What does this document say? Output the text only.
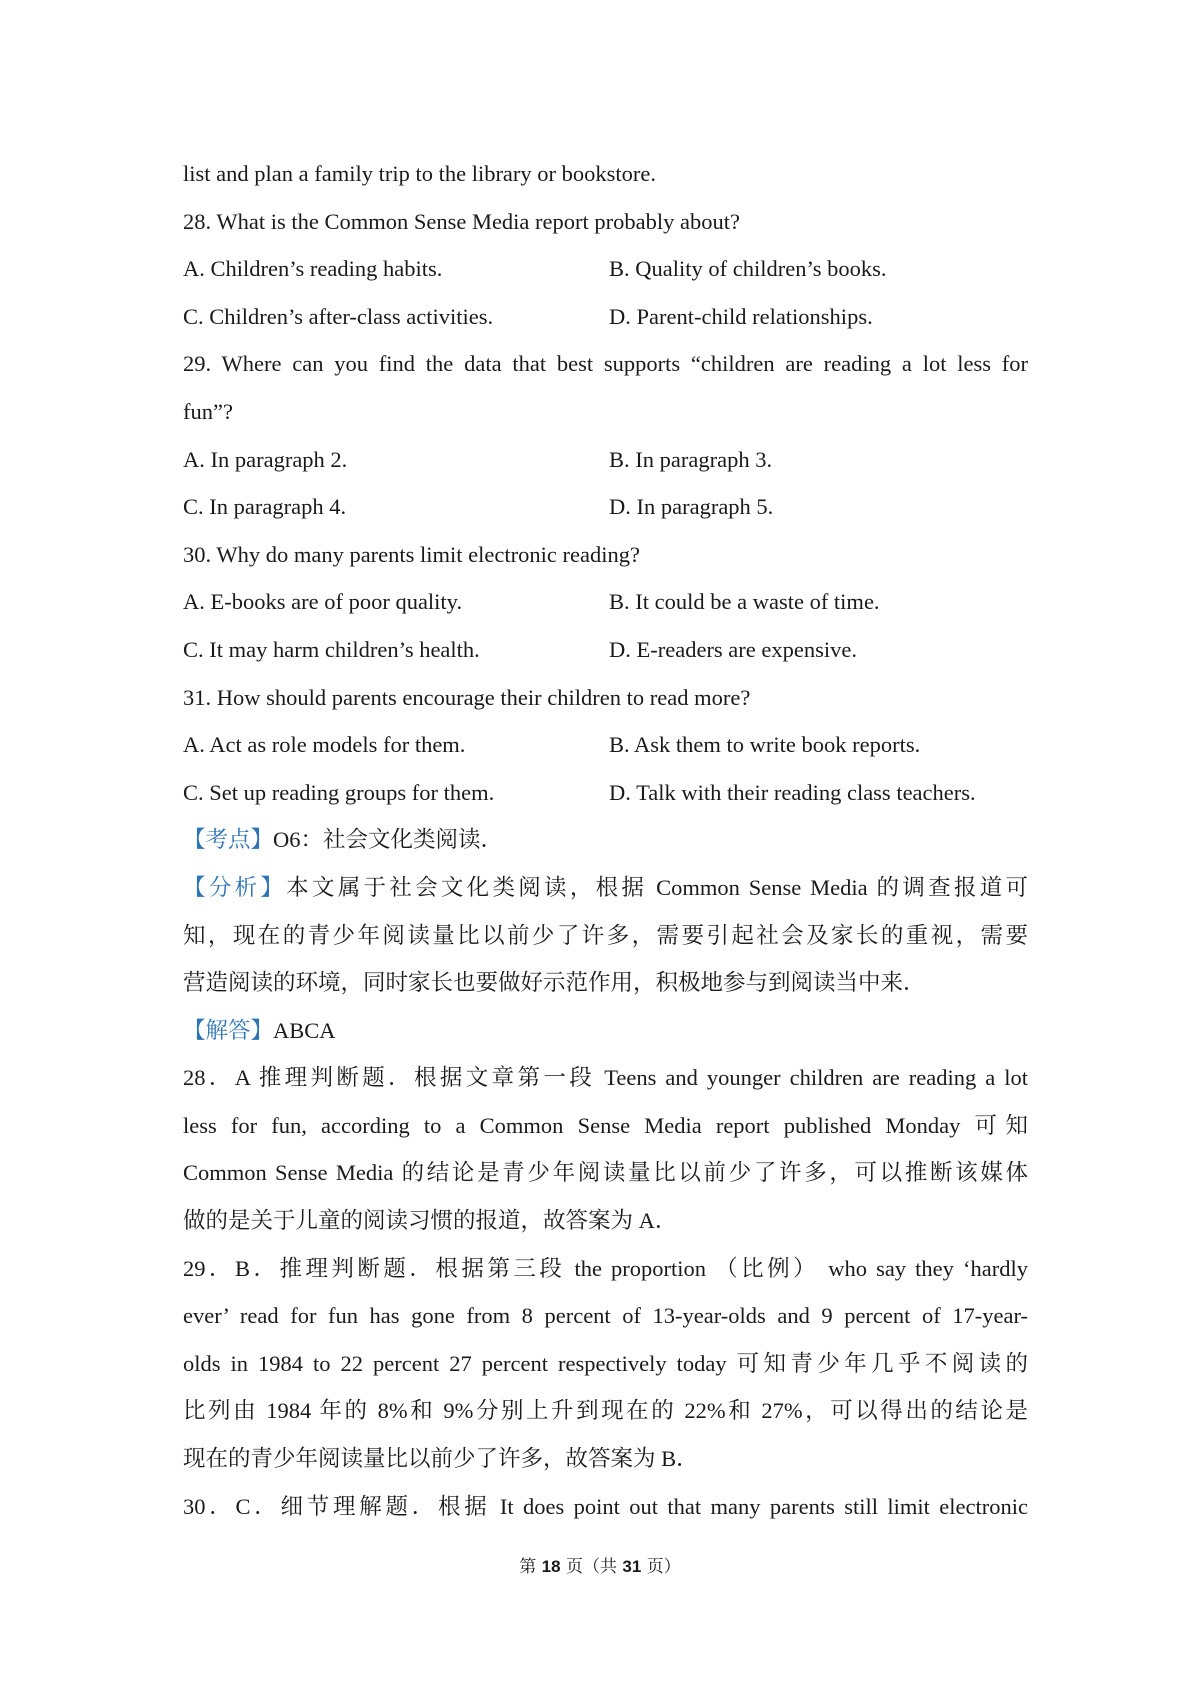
list and plan a family trip to the library or bookstore.
28. What is the Common Sense Media report probably about?
A. Children’s reading habits.	B. Quality of children’s books.
C. Children’s after-class activities.	D. Parent-child relationships.
29. Where can you find the data that best supports “children are reading a lot less for
fun”?
A. In paragraph 2.	B. In paragraph 3.
C. In paragraph 4.	D. In paragraph 5.
30. Why do many parents limit electronic reading?
A. E-books are of poor quality.	B. It could be a waste of time.
C. It may harm children’s health.	D. E-readers are expensive.
31. How should parents encourage their children to read more?
A. Act as role models for them.	B. Ask them to write book reports.
C. Set up reading groups for them.	D. Talk with their reading class teachers.
【考点】O6：社会文化类阅读．
【分析】本文属于社会文化类阅读，根据 Common Sense Media 的调查报道可
知，现在的青少年阅读量比以前少了许多，需要引起社会及家长的重视，需要
营造阅读的环境，同时家长也要做好示范作用，积极地参与到阅读当中来．
【解答】ABCA
28．A 推理判断题．根据文章第一段 Teens and younger children are reading a lot
less for fun, according to a Common Sense Media report published Monday 可知
Common Sense Media 的结论是青少年阅读量比以前少了许多，可以推断该媒体
做的是关于儿童的阅读习惯的报道，故答案为 A．
29．B．推理判断题．根据第三段 the proportion （比例） who say they ‘hardly
ever’ read for fun has gone from 8 percent of 13-year-olds and 9 percent of 17-year-
olds in 1984 to 22 percent 27 percent respectively today 可知青少年几乎不阅读的
比列由 1984 年的 8%和 9%分别上升到现在的 22%和 27%，可以得出的结论是
现在的青少年阅读量比以前少了许多，故答案为 B．
30．C．细节理解题．根据 It does point out that many parents still limit electronic
第 18 页（共 31 页）
